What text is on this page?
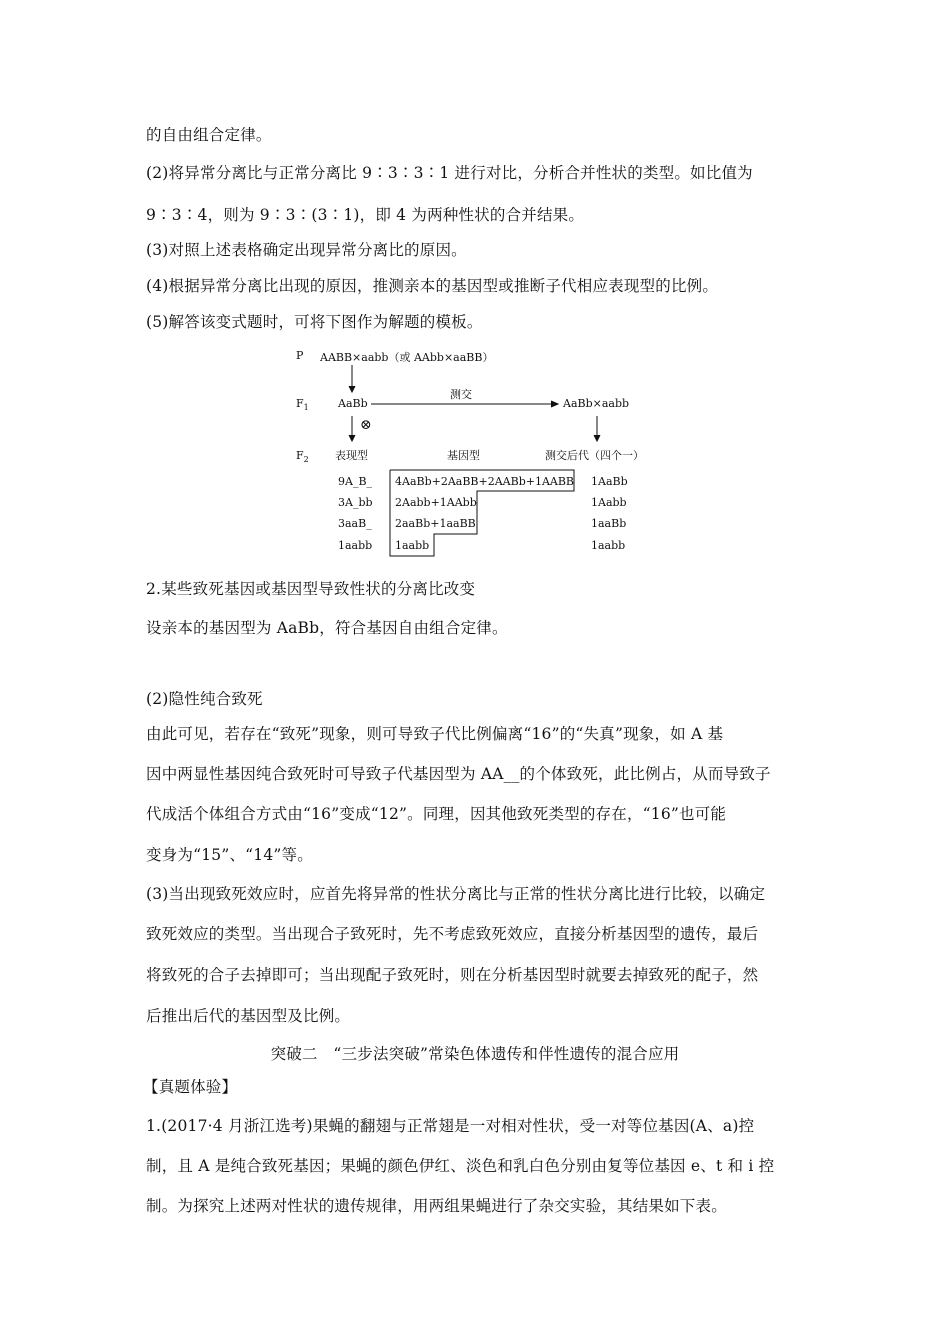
的自由组合定律。
(2)将异常分离比与正常分离比 9∶3∶3∶1 进行对比，分析合并性状的类型。如比值为
9∶3∶4，则为 9∶3∶(3∶1)，即 4 为两种性状的合并结果。
(3)对照上述表格确定出现异常分离比的原因。
(4)根据异常分离比出现的原因，推测亲本的基因型或推断子代相应表现型的比例。
(5)解答该变式题时，可将下图作为解题的模板。
P AABB×aabb（或 AAbb×aaBB）
$F_1$	AaBb
测交
AaBb×aabb
⊗
$F_2$ 表现型	基因型	测交后代（四个一）
9A_B_ 4AaBb+2AaBB+2AABb+1AABB 1AaBb
3A_bb 2Aabb+1AAbb	1Aabb
3aaB_ 2aaBb+1aaBB	1aaBb
1aabb 1aabb	1aabb
2.某些致死基因或基因型导致性状的分离比改变
设亲本的基因型为 AaBb，符合基因自由组合定律。
(2)隐性纯合致死
由此可见，若存在“致死”现象，则可导致子代比例偏离“16”的“失真”现象，如 A 基
因中两显性基因纯合致死时可导致子代基因型为 AA__的个体致死，此比例占，从而导致子
代成活个体组合方式由“16”变成“12”。同理，因其他致死类型的存在，“16”也可能
变身为“15”、“14”等。
(3)当出现致死效应时，应首先将异常的性状分离比与正常的性状分离比进行比较，以确定
致死效应的类型。当出现合子致死时，先不考虑致死效应，直接分析基因型的遗传，最后
将致死的合子去掉即可；当出现配子致死时，则在分析基因型时就要去掉致死的配子，然
后推出后代的基因型及比例。
突破二　“三步法突破”常染色体遗传和伴性遗传的混合应用
【真题体验】
1.(2017·4 月浙江选考)果蝇的翻翅与正常翅是一对相对性状，受一对等位基因(A、a)控
制，且 A 是纯合致死基因；果蝇的颜色伊红、淡色和乳白色分别由复等位基因 e、t 和 i 控
制。为探究上述两对性状的遗传规律，用两组果蝇进行了杂交实验，其结果如下表。
